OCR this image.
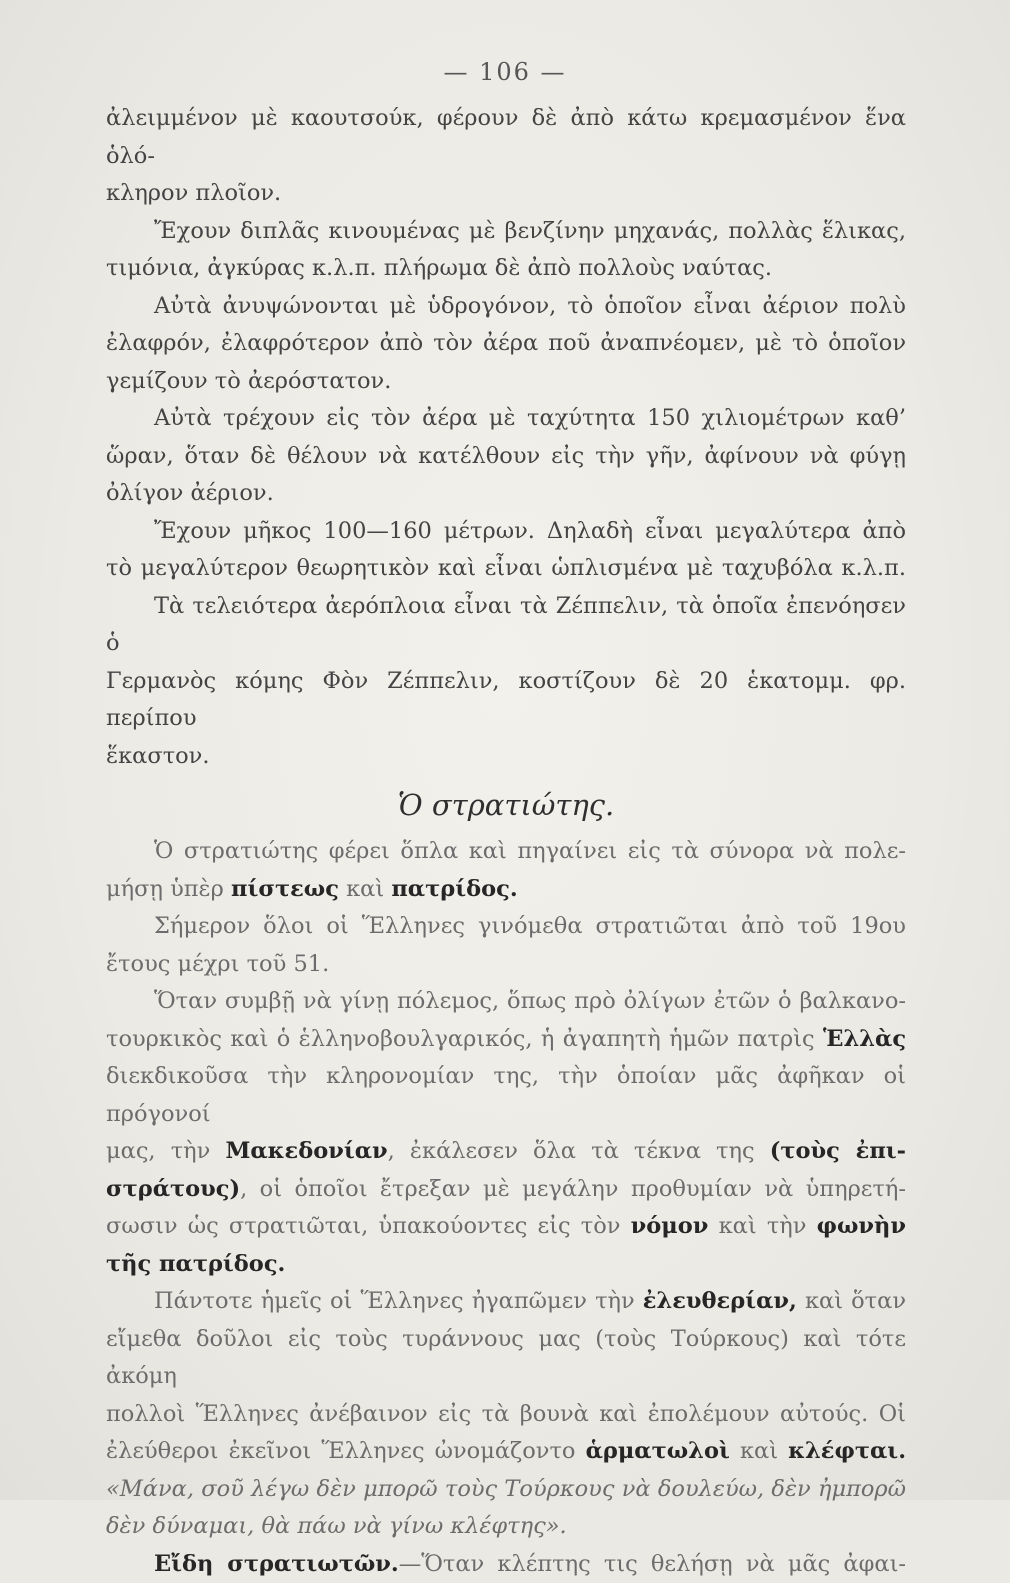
— 106 —

ἀλειμμένον μὲ καουτσούκ, φέρουν δὲ ἀπὸ κάτω κρεμασμένον ἕνα ὁλό-

κληρον πλοῖον.

Ἔχουν διπλᾶς κινουμένας μὲ βενζίνην μηχανάς, πολλὰς ἕλικας,

τιμόνια, ἀγκύρας κ.λ.π. πλήρωμα δὲ ἀπὸ πολλοὺς ναύτας.

Αὐτὰ ἀνυψώνονται μὲ ὑδρογόνον, τὸ ὁποῖον εἶναι ἀέριον πολὺ

ἐλαφρόν, ἐλαφρότερον ἀπὸ τὸν ἀέρα ποῦ ἀναπνέομεν, μὲ τὸ ὁποῖον

γεμίζουν τὸ ἀερόστατον.

Αὐτὰ τρέχουν εἰς τὸν ἀέρα μὲ ταχύτητα 150 χιλιομέτρων καθ’

ὥραν, ὅταν δὲ θέλουν νὰ κατέλθουν εἰς τὴν γῆν, ἀφίνουν νὰ φύγῃ

ὀλίγον ἀέριον.

Ἔχουν μῆκος 100—160 μέτρων. Δηλαδὴ εἶναι μεγαλύτερα ἀπὸ

τὸ μεγαλύτερον θεωρητικὸν καὶ εἶναι ὡπλισμένα μὲ ταχυβόλα κ.λ.π.

Τὰ τελειότερα ἀερόπλοια εἶναι τὰ Ζέππελιν, τὰ ὁποῖα ἐπενόησεν ὁ

Γερμανὸς κόμης Φὸν Ζέππελιν, κοστίζουν δὲ 20 ἑκατομμ. φρ. περίπου

ἕκαστον.

Ὁ στρατιώτης.

Ὁ στρατιώτης φέρει ὅπλα καὶ πηγαίνει εἰς τὰ σύνορα νὰ πολε-

μήσῃ ὑπὲρ πίστεως καὶ πατρίδος.

Σήμερον ὅλοι οἱ Ἕλληνες γινόμεθα στρατιῶται ἀπὸ τοῦ 19ου

ἔτους μέχρι τοῦ 51.

Ὅταν συμβῇ νὰ γίνῃ πόλεμος, ὅπως πρὸ ὀλίγων ἐτῶν ὁ βαλκανο-

τουρκικὸς καὶ ὁ ἑλληνοβουλγαρικός, ἡ ἀγαπητὴ ἡμῶν πατρὶς Ἑλλὰς

διεκδικοῦσα τὴν κληρονομίαν της, τὴν ὁποίαν μᾶς ἀφῆκαν οἱ πρόγονοί

μας, τὴν Μακεδονίαν, ἐκάλεσεν ὅλα τὰ τέκνα της (τοὺς ἐπι-

στράτους), οἱ ὁποῖοι ἔτρεξαν μὲ μεγάλην προθυμίαν νὰ ὑπηρετή-

σωσιν ὡς στρατιῶται, ὑπακούοντες εἰς τὸν νόμον καὶ τὴν φωνὴν

τῆς πατρίδος.

Πάντοτε ἡμεῖς οἱ Ἕλληνες ἠγαπῶμεν τὴν ἐλευθερίαν, καὶ ὅταν

εἴμεθα δοῦλοι εἰς τοὺς τυράννους μας (τοὺς Τούρκους) καὶ τότε ἀκόμη

πολλοὶ Ἕλληνες ἀνέβαινον εἰς τὰ βουνὰ καὶ ἐπολέμουν αὐτούς. Οἱ

ἐλεύθεροι ἐκεῖνοι Ἕλληνες ὠνομάζοντο ἁρματωλοὶ καὶ κλέφται.

«Μάνα, σοῦ λέγω δὲν μπορῶ τοὺς Τούρκους νὰ δουλεύω, δὲν ἠμπορῶ

δὲν δύναμαι, θὰ πάω νὰ γίνω κλέφτης».

Εἴδη στρατιωτῶν.—Ὅταν κλέπτης τις θελήσῃ νὰ μᾶς ἀφαι-
